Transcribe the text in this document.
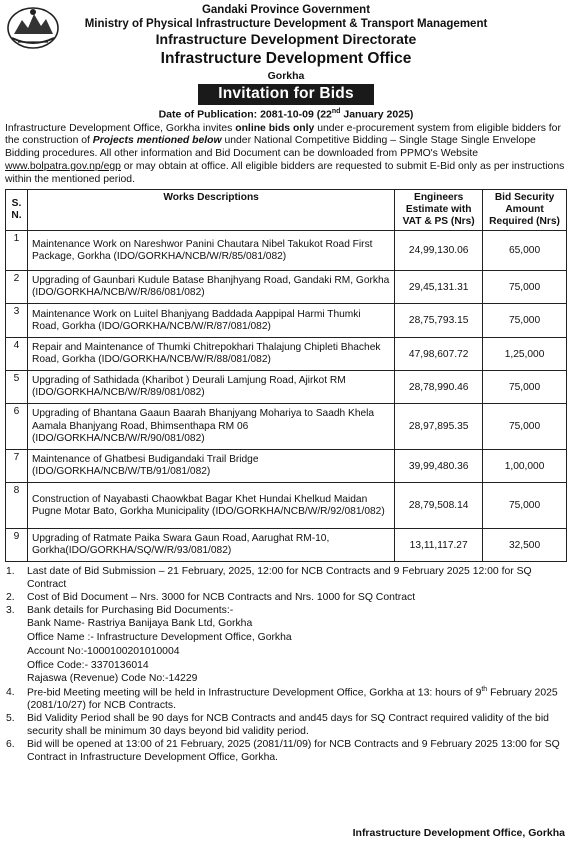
Gandaki Province Government
Ministry of Physical Infrastructure Development & Transport Management
Infrastructure Development Directorate
Infrastructure Development Office
Gorkha
Invitation for Bids
Date of Publication: 2081-10-09 (22nd January 2025)

Infrastructure Development Office, Gorkha invites online bids only under e-procurement system from eligible bidders for the construction of Projects mentioned below under National Competitive Bidding – Single Stage Single Envelope Bidding procedures. All other information and Bid Document can be downloaded from PPMO's Website www.bolpatra.gov.np/egp or may obtain at office. All eligible bidders are requested to submit E-Bid only as per instructions within the mentioned period.

S. N.	Works Descriptions	Engineers Estimate with VAT & PS (Nrs)	Bid Security Amount Required (Nrs)
1	Maintenance Work on Nareshwor Panini Chautara Nibel Takukot Road First Package, Gorkha (IDO/GORKHA/NCB/W/R/85/081/082)	24,99,130.06	65,000
2	Upgrading of Gaunbari Kudule Batase Bhanjhyang Road, Gandaki RM, Gorkha (IDO/GORKHA/NCB/W/R/86/081/082)	29,45,131.31	75,000
3	Maintenance Work on Luitel Bhanjyang Baddada Aappipal Harmi Thumki Road, Gorkha (IDO/GORKHA/NCB/W/R/87/081/082)	28,75,793.15	75,000
4	Repair and Maintenance of Thumki Chitrepokhari Thalajung Chipleti Bhachek Road, Gorkha (IDO/GORKHA/NCB/W/R/88/081/082)	47,98,607.72	1,25,000
5	Upgrading of Sathidada (Kharibot ) Deurali Lamjung Road, Ajirkot RM (IDO/GORKHA/NCB/W/R/89/081/082)	28,78,990.46	75,000
6	Upgrading of Bhantana Gaaun Baarah Bhanjyang Mohariya to Saadh Khela Aamala Bhanjyang Road, Bhimsenthapa RM 06 (IDO/GORKHA/NCB/W/R/90/081/082)	28,97,895.35	75,000
7	Maintenance of Ghatbesi Budigandaki Trail Bridge (IDO/GORKHA/NCB/W/TB/91/081/082)	39,99,480.36	1,00,000
8	Construction of Nayabasti Chaowkbat Bagar Khet Hundai Khelkud Maidan Pugne Motar Bato, Gorkha Municipality (IDO/GORKHA/NCB/W/R/92/081/082)	28,79,508.14	75,000
9	Upgrading of Ratmate Paika Swara Gaun Road, Aarughat RM-10, Gorkha(IDO/GORKHA/SQ/W/R/93/081/082)	13,11,117.27	32,500
1.	Last date of Bid Submission – 21 February, 2025, 12:00 for NCB Contracts and 9 February 2025 12:00 for SQ Contract
2.	Cost of Bid Document – Nrs. 3000 for NCB Contracts and Nrs. 1000 for SQ Contract
3.	Bank details for Purchasing Bid Documents:-
Bank Name- Rastriya Banijaya Bank Ltd, Gorkha
Office Name :- Infrastructure Development Office, Gorkha
Account No:-1000100201010004
Office Code:- 3370136014
Rajaswa (Revenue) Code No:-14229
4.	Pre-bid Meeting meeting will be held in Infrastructure Development Office, Gorkha at 13: hours of 9th February 2025 (2081/10/27) for NCB Contracts.
5.	Bid Validity Period shall be 90 days for NCB Contracts and and45 days for SQ Contract required validity of the bid security shall be minimum 30 days beyond bid validity period.
6.	Bid will be opened at 13:00 of 21 February, 2025 (2081/11/09) for NCB Contracts and 9 February 2025 13:00 for SQ Contract in Infrastructure Development Office, Gorkha.
Infrastructure Development Office, Gorkha
